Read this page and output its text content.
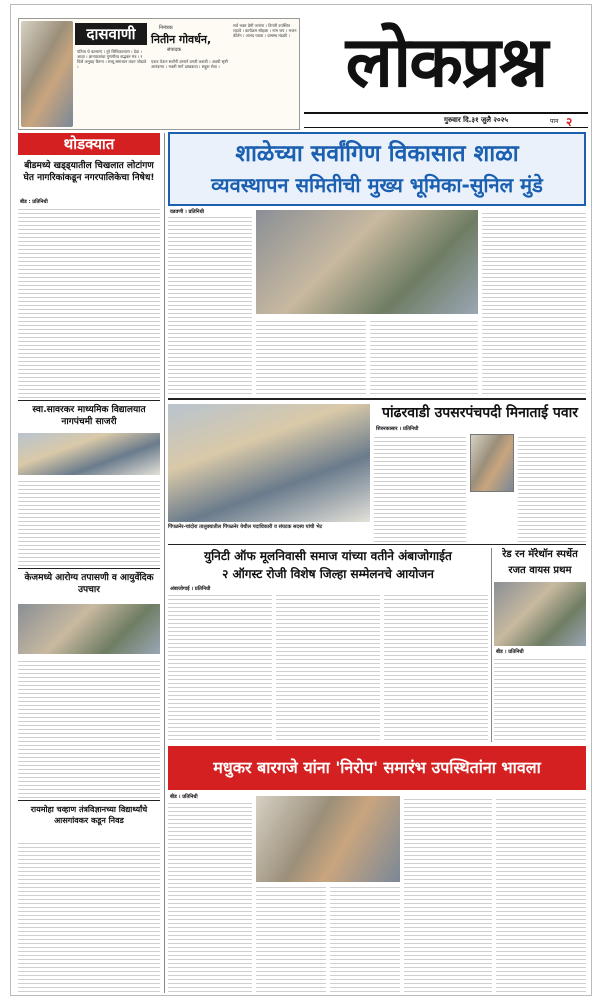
दासवाणी
पतिता चे कल्याण । नुरे सिधिकल्याण । देवा । आज्ञा । ज्ञानाग्रजांचा गुणगौरव सद्भक्त मंत्र । रचिले अनुग्रह चैतन्य । साधू समाधान वचन जोडावे ।
निमंत्रक
नितीन गोवर्धन,
संपादक
एकत्र येऊन सर्वांनी ज्ञानाने प्रगती करावी । अवघी सृष्टी आनंदमय । भक्ती मार्ग दाखवावा । सद्गुरू सेवा ।
सर्व भक्त प्रेमी जनांना । विनंती उपस्थित राहावे । कार्यक्रम सोहळा । नाम जप । भजन कीर्तन । आनंद घ्यावा । ग्रामस्थ मंडळी । लोकप्रश्न
गुरुवार दि.३१ जुलै २०२५	२
पान
थोडक्यात
बीडमध्ये खड्ड्यातील चिखलात लोटांगण घेत नागरिकांकडून नगरपालिकेचा निषेध!
बीड : प्रतिनिधी
स्वा.सावरकर माध्यमिक विद्यालयात नागपंचमी साजरी
केजमध्ये आरोग्य तपासणी व आयुर्वेदिक उपचार
रायमोहा चव्हाण तंत्रविज्ञानच्या विद्यार्थ्यांचे आसगांवकर कडून निवड
शाळेच्या सर्वांगिण विकासात शाळा
व्यवस्थापन समितीची मुख्य भूमिका-सुनिल मुंडे
वडवणी । प्रतिनिधी
पिंपळनेर-चांदोरा तालुक्यातील पिंपळनेर येथील पदाधिकारी व संघटक सदस्य यांची भेट
पांढरवाडी उपसरपंचपदी मिनाताई पवार
शिरुरकासार । प्रतिनिधी
युनिटी ऑफ मूलनिवासी समाज यांच्या वतीने अंबाजोगाईत
२ ऑगस्ट रोजी विशेष जिल्हा सम्मेलनचे आयोजन
अंबाजोगाई । प्रतिनिधी
रेड रन मॅरेथॉन स्पर्धेत
रजत वायस प्रथम
बीड । प्रतिनिधी
मधुकर बारगजे यांना 'निरोप' समारंभ उपस्थितांना भावला
बीड । प्रतिनिधी
